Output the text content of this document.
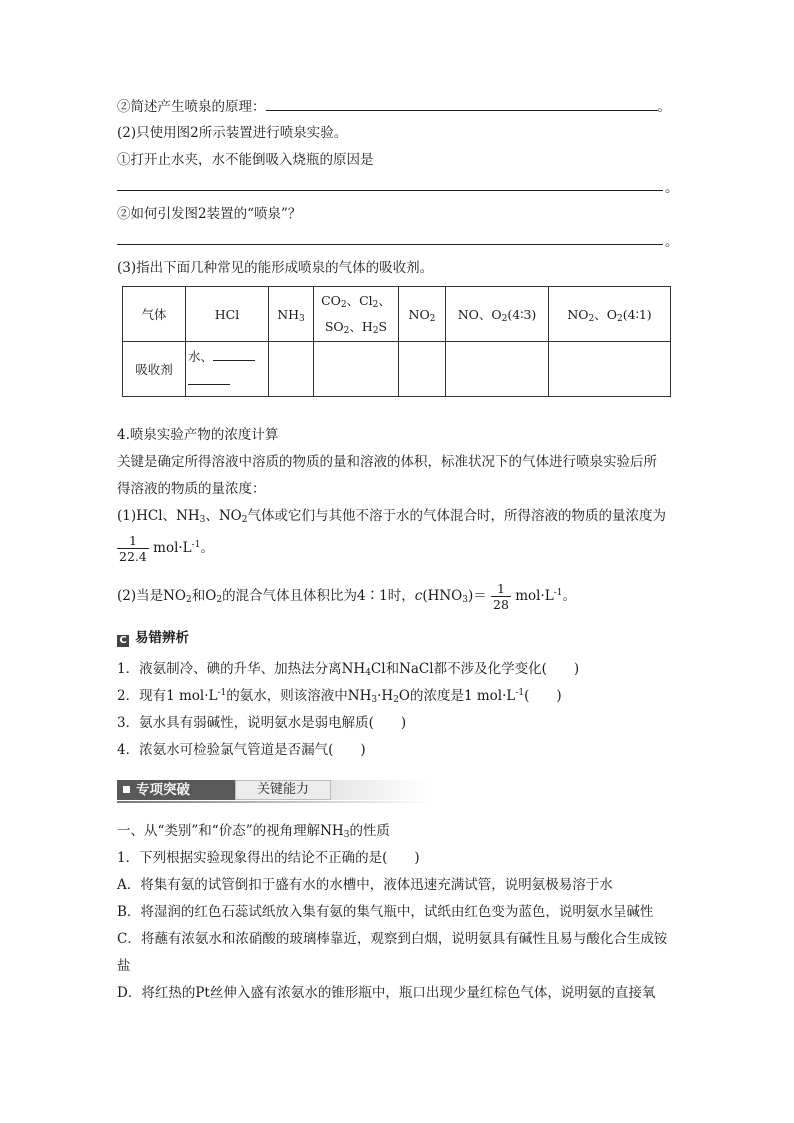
②简述产生喷泉的原理：	。
(2)只使用图2所示装置进行喷泉实验。
①打开止水夹，水不能倒吸入烧瓶的原因是
。
②如何引发图2装置的“喷泉”？
。
(3)指出下面几种常见的能形成喷泉的气体的吸收剂。
气体	HCl	$NH_3$	$CO_2$、$Cl_2$、
$SO_2$、$H_2S$	$NO_2$	NO、$O_2(4∶3)$	$NO_2$、$O_2(4∶1)$
吸收剂	水、

4.喷泉实验产物的浓度计算
关键是确定所得溶液中溶质的物质的量和溶液的体积，标准状况下的气体进行喷泉实验后所
得溶液的物质的量浓度：
(1)HCl、$NH_3$、$NO_2$气体或它们与其他不溶于水的气体混合时，所得溶液的物质的量浓度为
$\frac{1}{22.4} mol\cdot L^{-1}$。
(2)当是$NO_2$和$O_2$的混合气体且体积比为4∶1时，$c(HNO_3)= \frac{1}{28} mol\cdot L^{-1}$。
C 易错辨析
1．液氨制冷、碘的升华、加热法分离$NH_4Cl$和NaCl都不涉及化学变化(　　)
2．现有1 $mol\cdot L^{-1}$的氨水，则该溶液中$NH_3\cdot H_2O$的浓度是1 $mol\cdot L^{-1}$(　　)
3．氨水具有弱碱性，说明氨水是弱电解质(　　)
4．浓氨水可检验氯气管道是否漏气(　　)
专项突破	关键能力
一、从“类别”和“价态”的视角理解$NH_3$的性质
1．下列根据实验现象得出的结论不正确的是(　　)
A．将集有氨的试管倒扣于盛有水的水槽中，液体迅速充满试管，说明氨极易溶于水
B．将湿润的红色石蕊试纸放入集有氨的集气瓶中，试纸由红色变为蓝色，说明氨水呈碱性
C．将蘸有浓氨水和浓硝酸的玻璃棒靠近，观察到白烟，说明氨具有碱性且易与酸化合生成铵
盐
D．将红热的Pt丝伸入盛有浓氨水的锥形瓶中，瓶口出现少量红棕色气体，说明氨的直接氧
